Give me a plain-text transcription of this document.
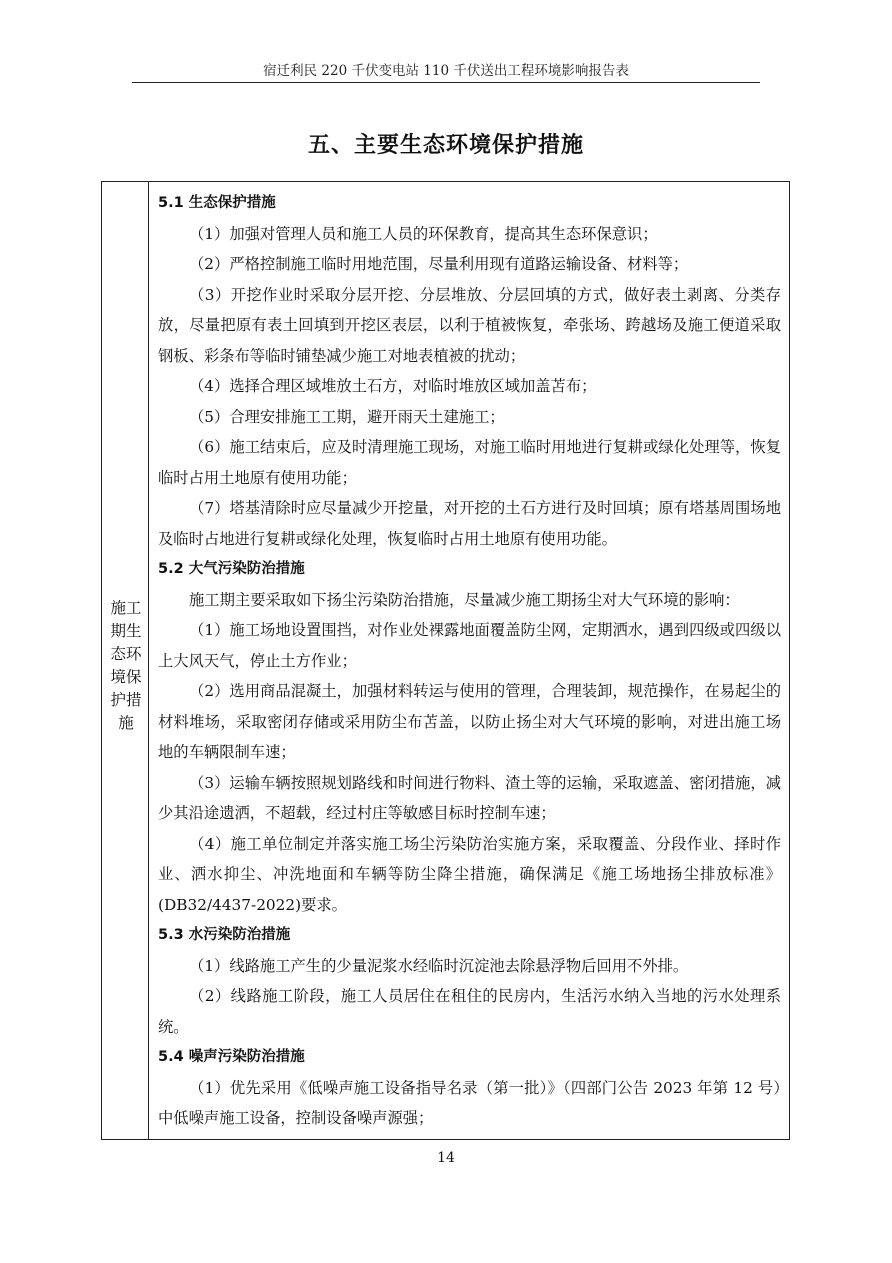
宿迁利民 220 千伏变电站 110 千伏送出工程环境影响报告表
五、主要生态环境保护措施
施工期生态环境保护措施

5.1 生态保护措施

（1）加强对管理人员和施工人员的环保教育，提高其生态环保意识；

（2）严格控制施工临时用地范围，尽量利用现有道路运输设备、材料等；

（3）开挖作业时采取分层开挖、分层堆放、分层回填的方式，做好表土剥离、分类存放，尽量把原有表土回填到开挖区表层，以利于植被恢复，牵张场、跨越场及施工便道采取钢板、彩条布等临时铺垫减少施工对地表植被的扰动；

（4）选择合理区域堆放土石方，对临时堆放区域加盖苫布；

（5）合理安排施工工期，避开雨天土建施工；

（6）施工结束后，应及时清理施工现场，对施工临时用地进行复耕或绿化处理等，恢复临时占用土地原有使用功能；

（7）塔基清除时应尽量减少开挖量，对开挖的土石方进行及时回填；原有塔基周围场地及临时占地进行复耕或绿化处理，恢复临时占用土地原有使用功能。

5.2 大气污染防治措施

施工期主要采取如下扬尘污染防治措施，尽量减少施工期扬尘对大气环境的影响：

（1）施工场地设置围挡，对作业处裸露地面覆盖防尘网，定期洒水，遇到四级或四级以上大风天气，停止土方作业；

（2）选用商品混凝土，加强材料转运与使用的管理，合理装卸，规范操作，在易起尘的材料堆场，采取密闭存储或采用防尘布苫盖，以防止扬尘对大气环境的影响，对进出施工场地的车辆限制车速；

（3）运输车辆按照规划路线和时间进行物料、渣土等的运输，采取遮盖、密闭措施，减少其沿途遗洒，不超载，经过村庄等敏感目标时控制车速；

（4）施工单位制定并落实施工场尘污染防治实施方案，采取覆盖、分段作业、择时作业、洒水抑尘、冲洗地面和车辆等防尘降尘措施，确保满足《施工场地扬尘排放标准》(DB32/4437-2022)要求。

5.3 水污染防治措施

（1）线路施工产生的少量泥浆水经临时沉淀池去除悬浮物后回用不外排。

（2）线路施工阶段，施工人员居住在租住的民房内，生活污水纳入当地的污水处理系统。

5.4 噪声污染防治措施

（1）优先采用《低噪声施工设备指导名录（第一批）》（四部门公告 2023 年第 12 号）中低噪声施工设备，控制设备噪声源强；

14
